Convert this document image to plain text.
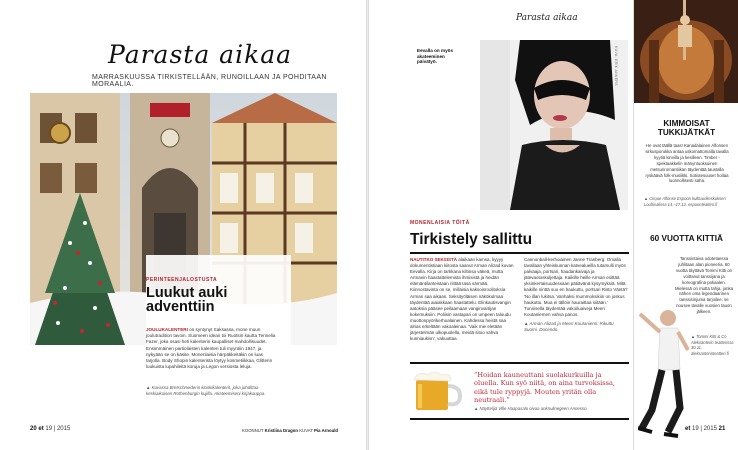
Parasta aikaa
MARRASKUUSSA TIRKISTELLÄÄN, RUNOILLAAN JA POHDITAAN MORAALIA.
PERINTEENJALOSTUSTA
Luukut auki adventtiin
JOULUKALENTERI on syntynyt Saksassa, mone muun joulutradition tavoin. Suomeen idean toi Ruotsin kautta Tennelia Fazer, joka osasi heti kalenterin kaupalliset mahdollisuudet. Ensimmäinen partiolaisten kalenteri tuli myyntiin 1947, ja nykyään se on käsite. Monenlaisia härpäkkeitäkin on luas tarjolla. Body Shopin kalenterista löytyy kosmetiikkaa, Glitterin luukuista lupahileitä koruja ja Legon versiosta leluja.
▲ Kuvassa Bretschneiderin kioskikalenterit, joka juhdittaa keskiaikaisen Rothenburgin kujilla. Akateemiseni kirjakauppa.
20 et 19 | 2015	KOONNUT Kristiina Dragon KUVAT Pia Arnould
Parasta aikaa
Eevalla on myös akateeminen päivätyö.	KUVA: ERIK ANNERS
MONENLAISIA TÖITÄ
Tirkistely sallittu
NAUTITKO SEKSISTÄ alaikaan kamsa, kyyyy dokumentistiaan kiitosta saanut Arman Alizad kuvan Eevalla. Kirja on tarkkana kiltinsa väkeä, mutta Armanin haastattelemista ihmisistä ja heidän elämäntilanteistaan riittää tasa särmää. Kiinnostavinta on se, millaisia kaksoisroolitoksia Arman saa aikaan. Seksityöläisen näkökulmaa täydentää aiaiakkaan haastattelu. Elinkautisvangin aatoksia pääsee peilaamaan vanginvartijan kokemuksiin. Poliisin vastapari on umpeen taluudu muottonpyörikerhoalainen. Kahdessa heistä saa alrias erkeltään vakoaleinaa. 'Vaik mie eletään järjestelmän ulkopuolella, meidä sitoo vahva kunniaukisn', vakuuttaa
Cannonball-kerhoiainen Janne Tranberg. Omalla tavallaan yhteiskunnan katvealueilla tutamulli myös palvaaja, portsari, haudankaivaja ja jätevaotoskuljettaja. Kaikille heille Arman esittää yksinkertaisuudessaan pätiävänä kysymyksiä. Mitä kaikille ninttä suo en haukuttu, portsari Risto Väntä? 'No illan lukitsa. Vanhaksi mummoksikiin on joskus haukuttu. Mua ei tällöin hauraittaa siitään.' Tunnisella täydentää vakoiluaiveja Meeri Koutaniemen vahva panos.
▲ Arman Alizad ja Meeri Koutaniemi: Rikuttu Suomi. Docendo.
”Hoidan kauneuttani suolakurkuilla ja oluella. Kun syö niitä, on aina turvoksissa, eikä tule ryppyjä. Mouten yritän olla neutraali.”
▲ Näyttelijä Ville Haapasalo oivaa anknulinegeen Annesso.
KIMMOISAT TUKKIJÄTKÄT
He ovat täällä taas! Kanadalainen Alfonsen sirkusporukka antaa uskomattomalla tavalla kyytiä kinvilla ja kesilleen. Timber -spektaakkelin mänyntuoksuinen metsuriromantiikan täydentää taustalla ryskäävä folk-musiikki. Sotiotesuuset hoitaa luonnollisesti saha.
▲ Cirque Alfonse Espoon kulttuurikeskuksen Louhisalissa 14.–17.12. espoonteatteri.fi
60 VUOTTA KITTIÄ
Tanssintaiva odotetaessa juhlitaan alan pioneeria. 60 vuotta täyttävä Tommi Kitti on voittanut tanssijana ja koreografina pokaalen. Mielessä on mutta tahja, jonka nähen oma legendaarinen tanssisinjuma tarjoilee: se nousee tavalle vuosien tauon jälkeen.
▲ Tommi Kitti & Co Aleksanterin teatterissa 30.11. aleksanterinteatteri.fi
et 19 | 2015 21
